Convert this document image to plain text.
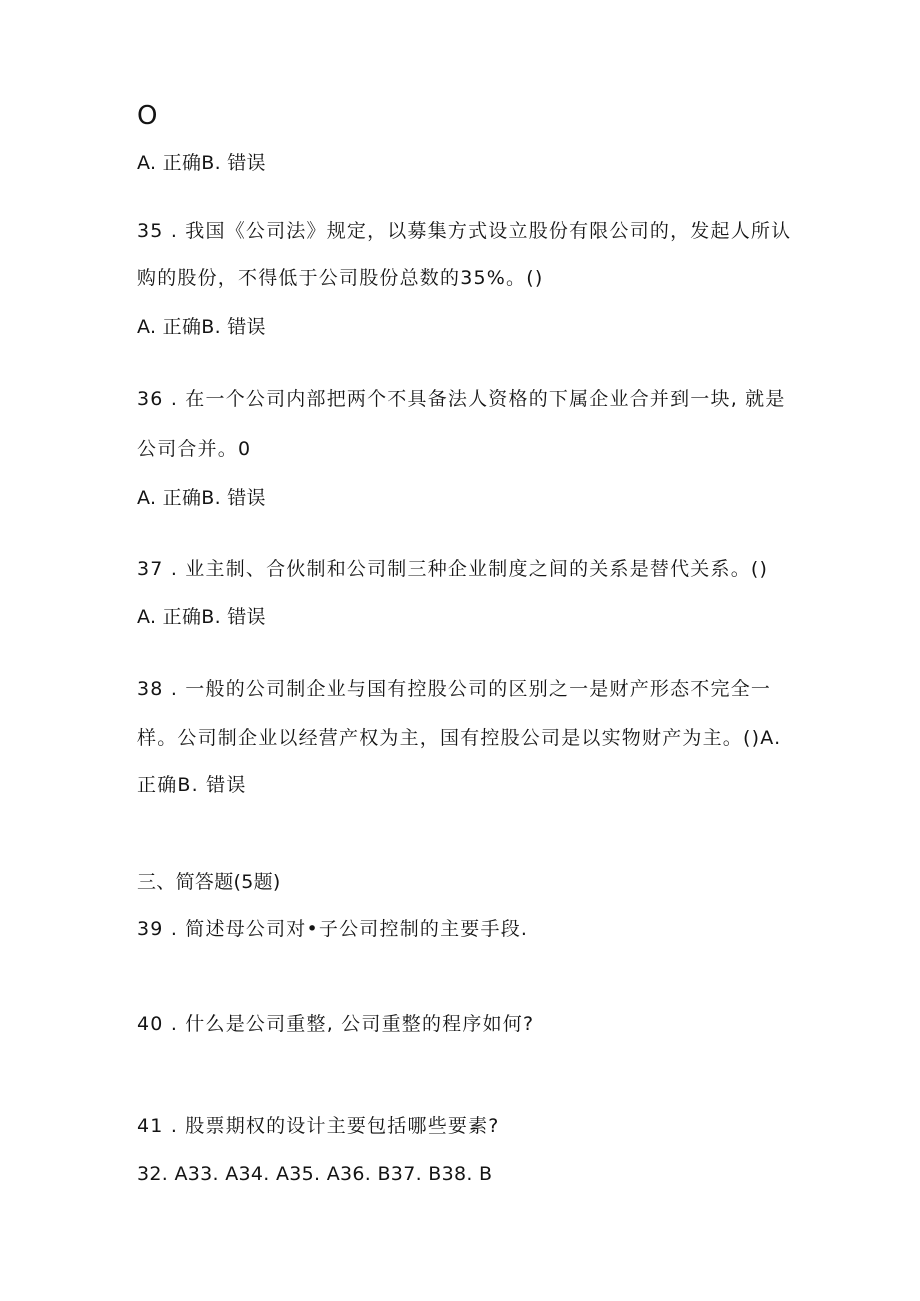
O
A. 正确B. 错误
35 . 我国《公司法》规定，以募集方式设立股份有限公司的，发起人所认
购的股份，不得低于公司股份总数的35%。()
A. 正确B. 错误
36 . 在一个公司内部把两个不具备法人资格的下属企业合并到一块, 就是
公司合并。0
A. 正确B. 错误
37 . 业主制、合伙制和公司制三种企业制度之间的关系是替代关系。()
A. 正确B. 错误
38 . 一般的公司制企业与国有控股公司的区别之一是财产形态不完全一
样。公司制企业以经营产权为主，国有控股公司是以实物财产为主。()A.
正确B. 错误
三、简答题(5题)
39 . 简述母公司对•子公司控制的主要手段.
40 . 什么是公司重整, 公司重整的程序如何?
41 . 股票期权的设计主要包括哪些要素?
32. A33. A34. A35. A36. B37. B38. B
